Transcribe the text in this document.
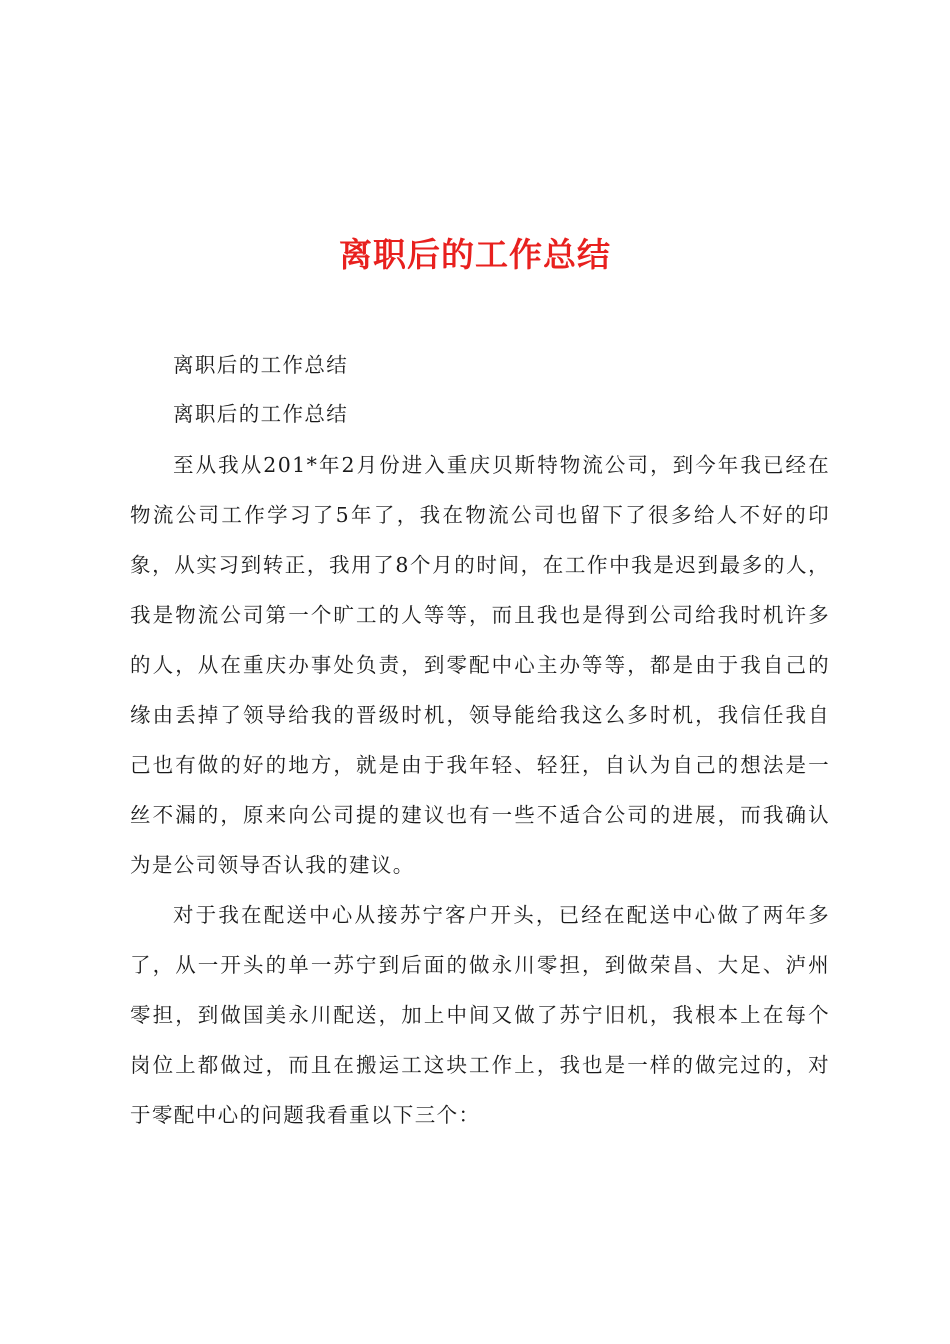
离职后的工作总结

离职后的工作总结

离职后的工作总结

至从我从201*年2月份进入重庆贝斯特物流公司，到今年我已经在物流公司工作学习了5年了，我在物流公司也留下了很多给人不好的印象，从实习到转正，我用了8个月的时间，在工作中我是迟到最多的人，我是物流公司第一个旷工的人等等，而且我也是得到公司给我时机许多的人，从在重庆办事处负责，到零配中心主办等等，都是由于我自己的缘由丢掉了领导给我的晋级时机，领导能给我这么多时机，我信任我自己也有做的好的地方，就是由于我年轻、轻狂，自认为自己的想法是一丝不漏的，原来向公司提的建议也有一些不适合公司的进展，而我确认为是公司领导否认我的建议。

对于我在配送中心从接苏宁客户开头，已经在配送中心做了两年多了，从一开头的单一苏宁到后面的做永川零担，到做荣昌、大足、泸州零担，到做国美永川配送，加上中间又做了苏宁旧机，我根本上在每个岗位上都做过，而且在搬运工这块工作上，我也是一样的做完过的，对于零配中心的问题我看重以下三个：
